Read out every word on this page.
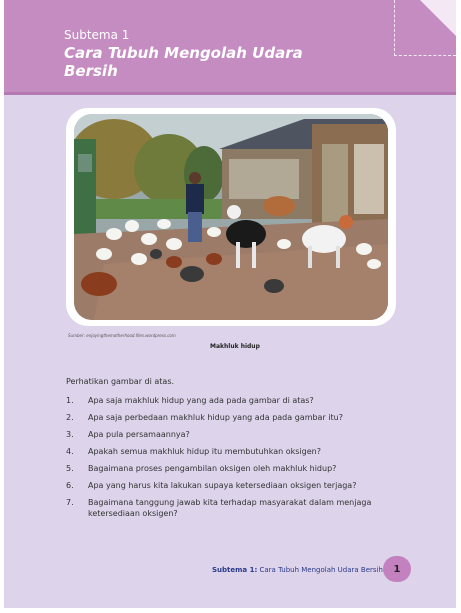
Subtema 1
Cara Tubuh Mengolah Udara Bersih
Sumber: enjoyingthemotherhood.files.wordpress.com
Makhluk hidup
Perhatikan gambar di atas.
1. Apa saja makhluk hidup yang ada pada gambar di atas?
2. Apa saja perbedaan makhluk hidup yang ada pada gambar itu?
3. Apa pula persamaannya?
4. Apakah semua makhluk hidup itu membutuhkan oksigen?
5. Bagaimana proses pengambilan oksigen oleh makhluk hidup?
6. Apa yang harus kita lakukan supaya ketersediaan oksigen terjaga?
7. Bagaimana tanggung jawab kita terhadap masyarakat dalam menjaga ketersediaan oksigen?
Subtema 1: Cara Tubuh Mengolah Udara Bersih	1
